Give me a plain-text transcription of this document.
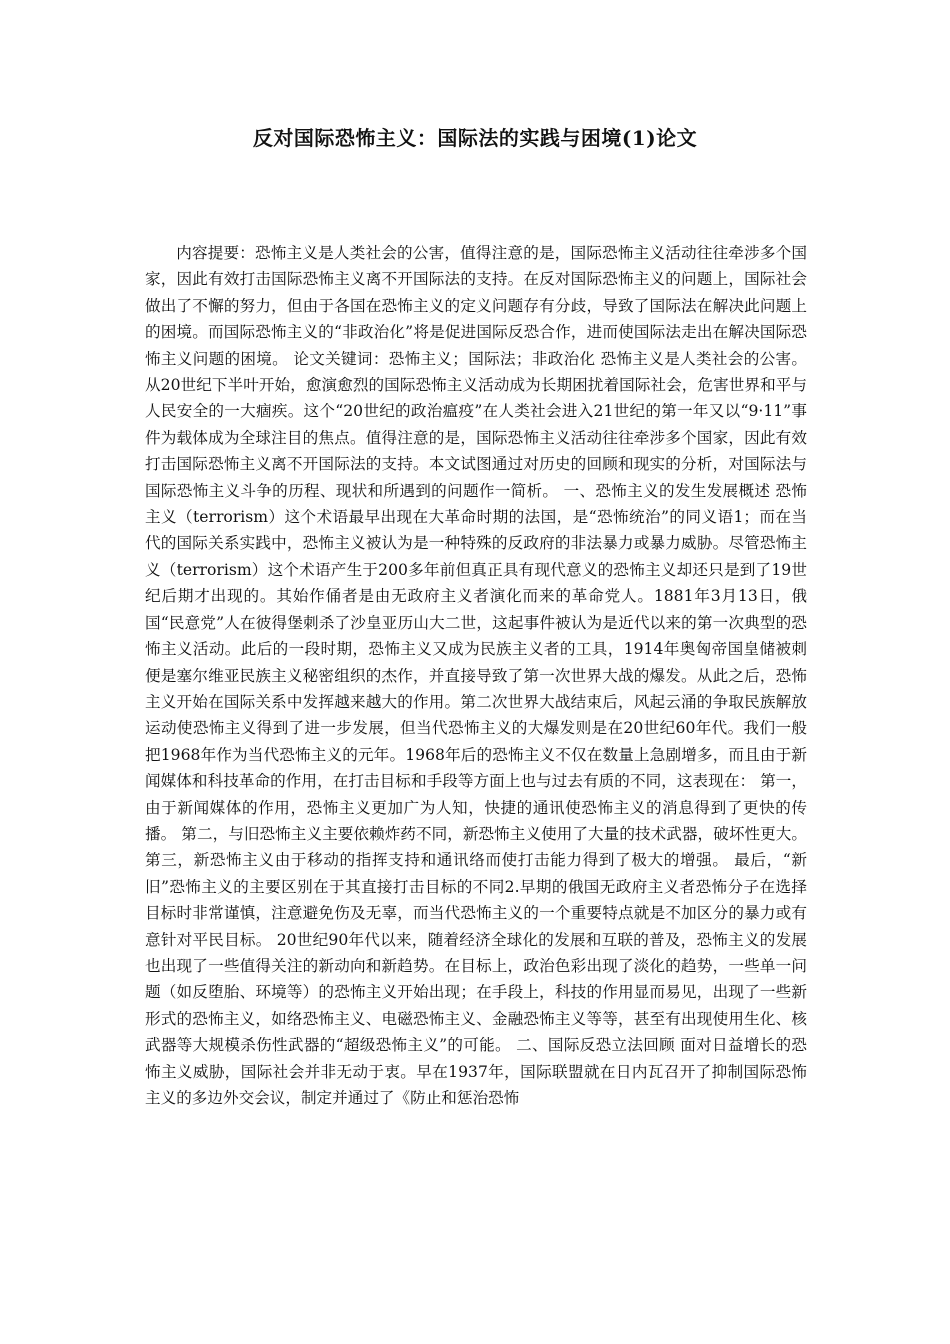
反对国际恐怖主义：国际法的实践与困境(1)论文

内容提要：恐怖主义是人类社会的公害，值得注意的是，国际恐怖主义活动往往牵涉多个国家，因此有效打击国际恐怖主义离不开国际法的支持。在反对国际恐怖主义的问题上，国际社会做出了不懈的努力，但由于各国在恐怖主义的定义问题存有分歧，导致了国际法在解决此问题上的困境。而国际恐怖主义的“非政治化”将是促进国际反恐合作，进而使国际法走出在解决国际恐怖主义问题的困境。 论文关键词：恐怖主义；国际法；非政治化 恐怖主义是人类社会的公害。从20世纪下半叶开始，愈演愈烈的国际恐怖主义活动成为长期困扰着国际社会，危害世界和平与人民安全的一大痼疾。这个“20世纪的政治瘟疫”在人类社会进入21世纪的第一年又以“9·11”事件为载体成为全球注目的焦点。值得注意的是，国际恐怖主义活动往往牵涉多个国家，因此有效打击国际恐怖主义离不开国际法的支持。本文试图通过对历史的回顾和现实的分析，对国际法与国际恐怖主义斗争的历程、现状和所遇到的问题作一简析。 一、恐怖主义的发生发展概述 恐怖主义（terrorism）这个术语最早出现在大革命时期的法国，是“恐怖统治”的同义语1；而在当代的国际关系实践中，恐怖主义被认为是一种特殊的反政府的非法暴力或暴力威胁。尽管恐怖主义（terrorism）这个术语产生于200多年前但真正具有现代意义的恐怖主义却还只是到了19世纪后期才出现的。其始作俑者是由无政府主义者演化而来的革命党人。1881年3月13日，俄国“民意党”人在彼得堡刺杀了沙皇亚历山大二世，这起事件被认为是近代以来的第一次典型的恐怖主义活动。此后的一段时期，恐怖主义又成为民族主义者的工具，1914年奥匈帝国皇储被刺便是塞尔维亚民族主义秘密组织的杰作，并直接导致了第一次世界大战的爆发。从此之后，恐怖主义开始在国际关系中发挥越来越大的作用。第二次世界大战结束后，风起云涌的争取民族解放运动使恐怖主义得到了进一步发展，但当代恐怖主义的大爆发则是在20世纪60年代。我们一般把1968年作为当代恐怖主义的元年。1968年后的恐怖主义不仅在数量上急剧增多，而且由于新闻媒体和科技革命的作用，在打击目标和手段等方面上也与过去有质的不同，这表现在： 第一，由于新闻媒体的作用，恐怖主义更加广为人知，快捷的通讯使恐怖主义的消息得到了更快的传播。 第二，与旧恐怖主义主要依赖炸药不同，新恐怖主义使用了大量的技术武器，破坏性更大。 第三，新恐怖主义由于移动的指挥支持和通讯络而使打击能力得到了极大的增强。 最后，“新旧”恐怖主义的主要区别在于其直接打击目标的不同2.早期的俄国无政府主义者恐怖分子在选择目标时非常谨慎，注意避免伤及无辜，而当代恐怖主义的一个重要特点就是不加区分的暴力或有意针对平民目标。 20世纪90年代以来，随着经济全球化的发展和互联的普及，恐怖主义的发展也出现了一些值得关注的新动向和新趋势。在目标上，政治色彩出现了淡化的趋势，一些单一问题（如反堕胎、环境等）的恐怖主义开始出现；在手段上，科技的作用显而易见，出现了一些新形式的恐怖主义，如络恐怖主义、电磁恐怖主义、金融恐怖主义等等，甚至有出现使用生化、核武器等大规模杀伤性武器的“超级恐怖主义”的可能。 二、国际反恐立法回顾 面对日益增长的恐怖主义威胁，国际社会并非无动于衷。早在1937年，国际联盟就在日内瓦召开了抑制国际恐怖主义的多边外交会议，制定并通过了《防止和惩治恐怖
